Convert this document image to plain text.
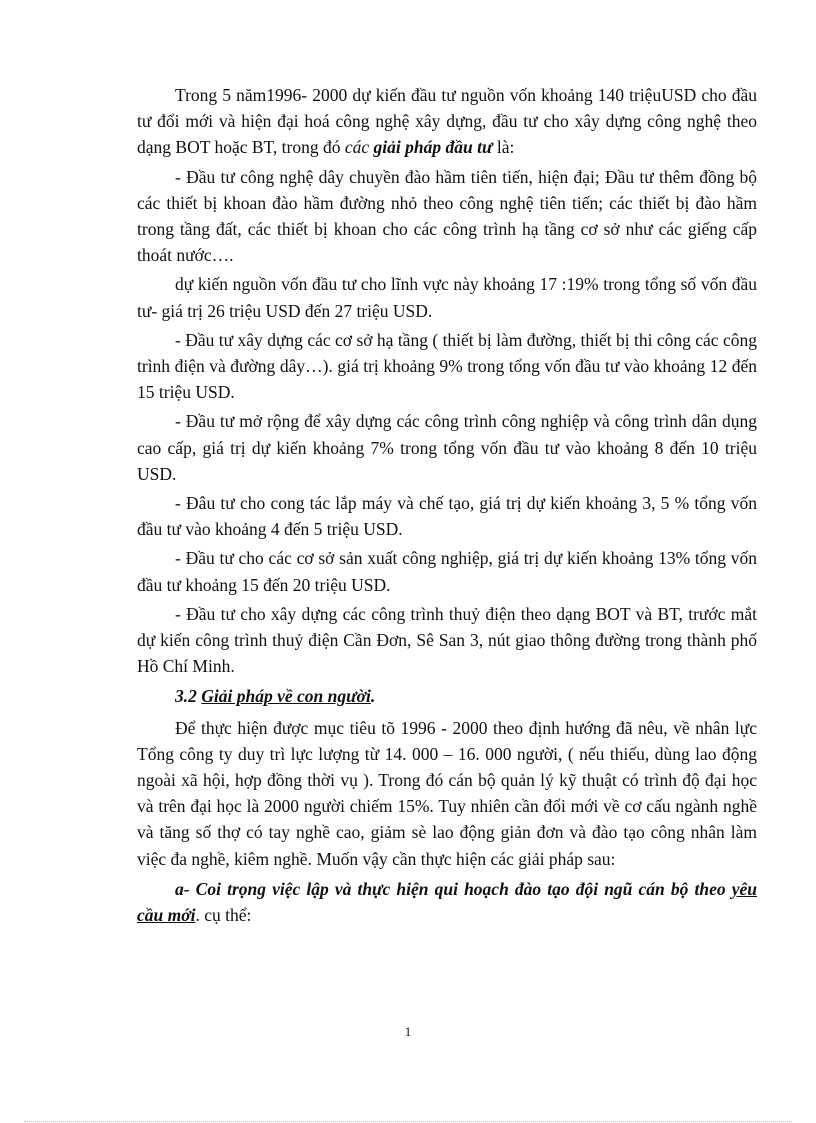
Trong 5 năm1996- 2000 dự kiến đầu tư nguồn vốn khoảng 140 triệuUSD cho đầu tư đổi mới và hiện đại hoá công nghệ xây dựng, đầu tư cho xây dựng công nghệ theo dạng BOT hoặc BT, trong đó các giải pháp đầu tư là:

- Đầu tư công nghệ dây chuyền đào hầm tiên tiến, hiện đại; Đầu tư thêm đồng bộ các thiết bị khoan đào hầm đường nhỏ theo công nghệ tiên tiến; các thiết bị đào hầm trong tầng đất, các thiết bị khoan cho các công trình hạ tầng cơ sở như các giếng cấp thoát nước….

dự kiến nguồn vốn đầu tư cho lĩnh vực này khoảng 17 :19% trong tổng số vốn đầu tư- giá trị 26 triệu USD đến 27 triệu USD.

- Đầu tư xây dựng các cơ sở hạ tầng ( thiết bị làm đường, thiết bị thi công các công trình điện và đường dây…). giá trị khoảng 9% trong tổng vốn đầu tư vào khoảng 12 đến 15 triệu USD.

- Đầu tư mở rộng để xây dựng các công trình công nghiệp và công trình dân dụng cao cấp, giá trị dự kiến khoảng 7% trong tổng vốn đầu tư vào khoảng 8 đến 10 triệu USD.

- Đâu tư cho cong tác lắp máy và chế tạo, giá trị dự kiến khoảng 3, 5 % tổng vốn đầu tư vào khoảng 4 đến 5 triệu USD.

- Đầu tư cho các cơ sở sản xuất công nghiệp, giá trị dự kiến khoảng 13% tổng vốn đầu tư khoảng 15 đến 20 triệu USD.

- Đầu tư cho xây dựng các công trình thuỷ điện theo dạng BOT và BT, trước mắt dự kiến công trình thuỷ điện Cần Đơn, Sê San 3, nút giao thông đường trong thành phố Hồ Chí Minh.

3.2 Giải pháp về con người.

Để thực hiện được mục tiêu tõ 1996 - 2000 theo định hướng đã nêu, về nhân lực Tổng công ty duy trì lực lượng từ 14. 000 – 16. 000 người, ( nếu thiếu, dùng lao động ngoài xã hội, hợp đồng thời vụ ). Trong đó cán bộ quản lý kỹ thuật có trình độ đại học và trên đại học là 2000 người chiếm 15%. Tuy nhiên cần đổi mới về cơ cấu ngành nghề và tăng số thợ có tay nghề cao, giảm sè lao động giản đơn và đào tạo công nhân làm việc đa nghề, kiêm nghề. Muốn vậy cần thực hiện các giải pháp sau:

a- Coi trọng việc lập và thực hiện qui hoạch đào tạo đội ngũ cán bộ theo yêu cầu mới. cụ thể:

1
